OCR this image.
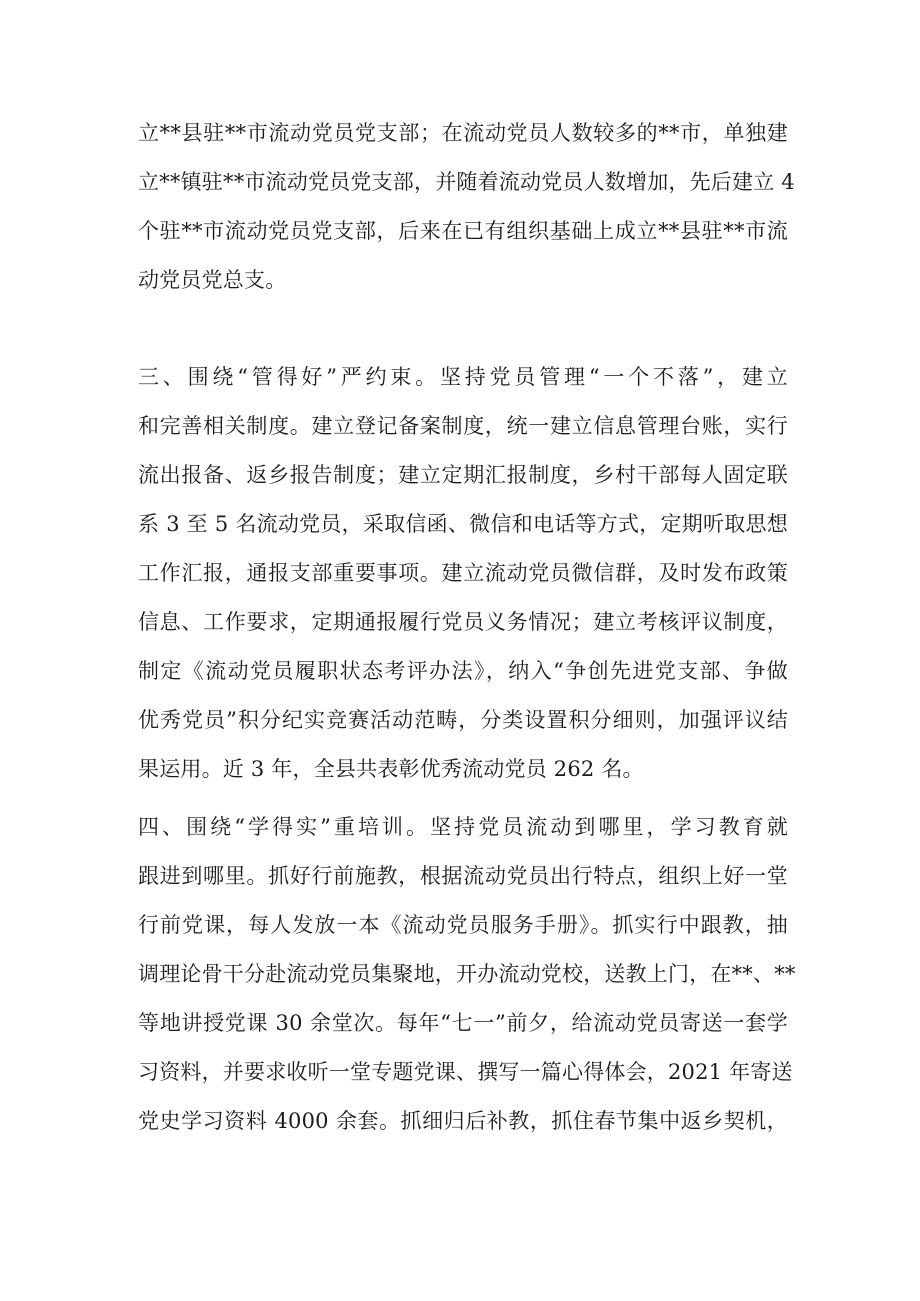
立**县驻**市流动党员党支部；在流动党员人数较多的**市，单独建
立**镇驻**市流动党员党支部，并随着流动党员人数增加，先后建立 4
个驻**市流动党员党支部，后来在已有组织基础上成立**县驻**市流
动党员党总支。
三、围绕“管得好”严约束。坚持党员管理“一个不落”，建立
和完善相关制度。建立登记备案制度，统一建立信息管理台账，实行
流出报备、返乡报告制度；建立定期汇报制度，乡村干部每人固定联
系 3 至 5 名流动党员，采取信函、微信和电话等方式，定期听取思想
工作汇报，通报支部重要事项。建立流动党员微信群，及时发布政策
信息、工作要求，定期通报履行党员义务情况；建立考核评议制度，
制定《流动党员履职状态考评办法》，纳入“争创先进党支部、争做
优秀党员”积分纪实竞赛活动范畴，分类设置积分细则，加强评议结
果运用。近 3 年，全县共表彰优秀流动党员 262 名。
四、围绕“学得实”重培训。坚持党员流动到哪里，学习教育就
跟进到哪里。抓好行前施教，根据流动党员出行特点，组织上好一堂
行前党课，每人发放一本《流动党员服务手册》。抓实行中跟教，抽
调理论骨干分赴流动党员集聚地，开办流动党校，送教上门，在**、**
等地讲授党课 30 余堂次。每年“七一”前夕，给流动党员寄送一套学
习资料，并要求收听一堂专题党课、撰写一篇心得体会，2021 年寄送
党史学习资料 4000 余套。抓细归后补教，抓住春节集中返乡契机，
